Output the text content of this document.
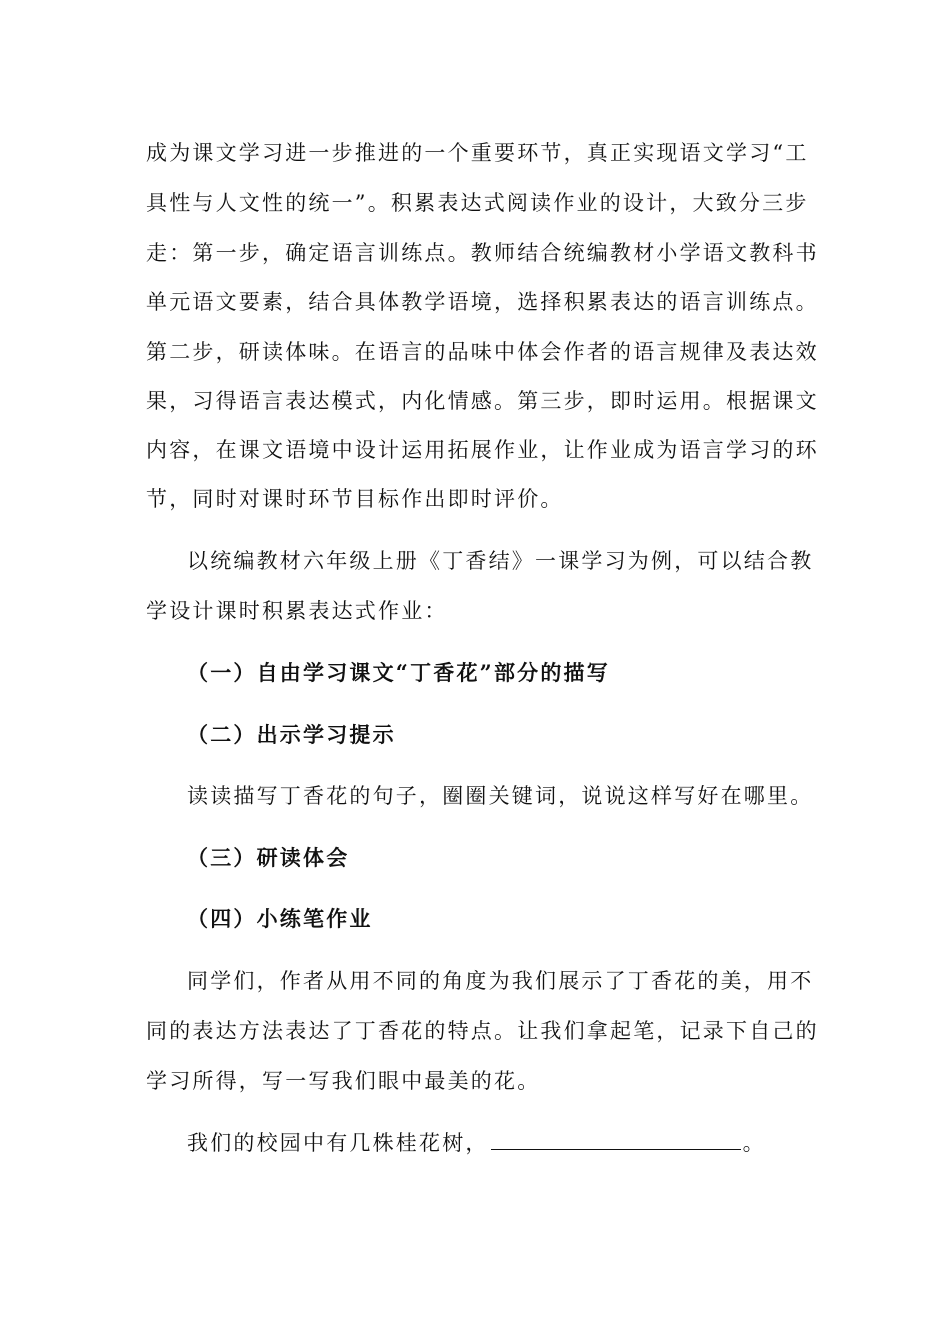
成为课文学习进一步推进的一个重要环节，真正实现语文学习“工
具性与人文性的统一”。积累表达式阅读作业的设计，大致分三步
走：第一步，确定语言训练点。教师结合统编教材小学语文教科书
单元语文要素，结合具体教学语境，选择积累表达的语言训练点。
第二步，研读体味。在语言的品味中体会作者的语言规律及表达效
果，习得语言表达模式，内化情感。第三步，即时运用。根据课文
内容，在课文语境中设计运用拓展作业，让作业成为语言学习的环
节，同时对课时环节目标作出即时评价。
以统编教材六年级上册《丁香结》一课学习为例，可以结合教
学设计课时积累表达式作业：
（一）自由学习课文“丁香花”部分的描写
（二）出示学习提示
读读描写丁香花的句子，圈圈关键词，说说这样写好在哪里。
（三）研读体会
（四）小练笔作业
同学们，作者从用不同的角度为我们展示了丁香花的美，用不
同的表达方法表达了丁香花的特点。让我们拿起笔，记录下自己的
学习所得，写一写我们眼中最美的花。
我们的校园中有几株桂花树，	。
